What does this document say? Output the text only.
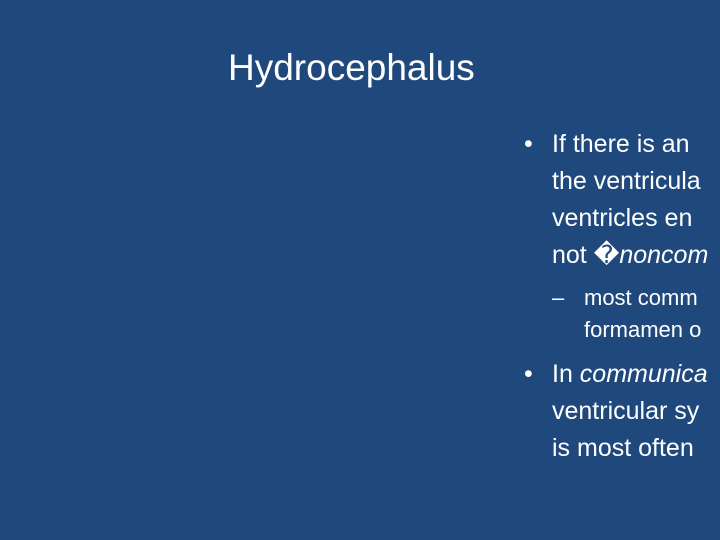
Hydrocephalus
• If there is an
the ventricula
ventricles en
not �noncom
– most comm
formamen o
• In communica
ventricular sy
is most often
